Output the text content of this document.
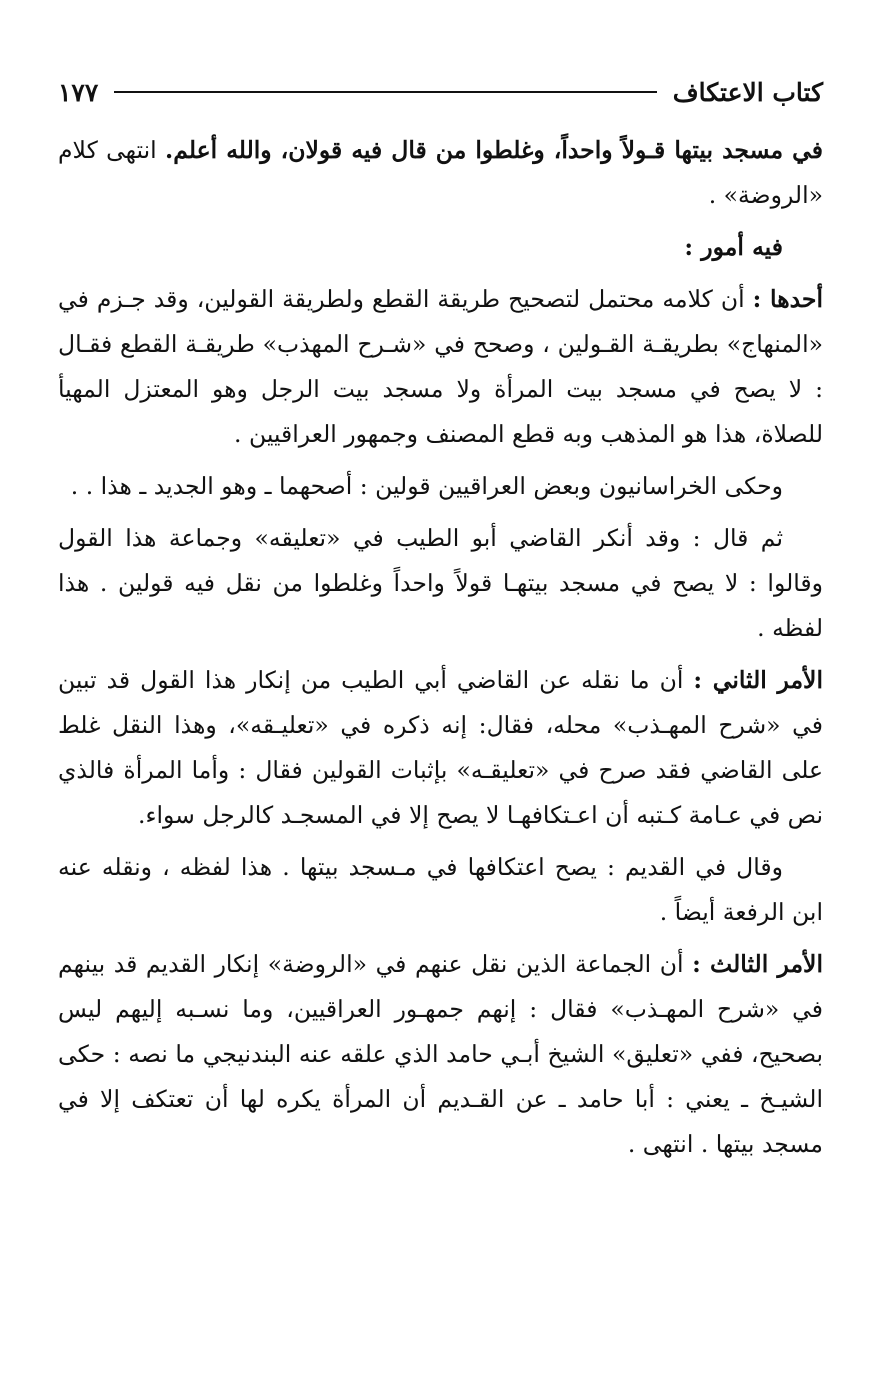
كتاب الاعتكاف
١٧٧

في مسجد بيتها قـولاً واحداً، وغلطوا من قال فيه قولان، والله أعلم. انتهى كلام «الروضة» .

فيه أمور :

أحدها : أن كلامه محتمل لتصحيح طريقة القطع ولطريقة القولين، وقد جـزم في «المنهاج» بطريقـة القـولين ، وصحح في «شـرح المهذب» طريقـة القطع فقـال : لا يصح في مسجد بيت المرأة ولا مسجد بيت الرجل وهو المعتزل المهيأ للصلاة، هذا هو المذهب وبه قطع المصنف وجمهور العراقيين .

وحكى الخراسانيون وبعض العراقيين قولين : أصحهما ـ وهو الجديد ـ هذا . .

ثم قال : وقد أنكر القاضي أبو الطيب في «تعليقه» وجماعة هذا القول وقالوا : لا يصح في مسجد بيتهـا قولاً واحداً وغلطوا من نقل فيه قولين . هذا لفظه .

الأمر الثاني : أن ما نقله عن القاضي أبي الطيب من إنكار هذا القول قد تبين في «شرح المهـذب» محله، فقال: إنه ذكره في «تعليـقه»، وهذا النقل غلط على القاضي فقد صرح في «تعليقـه» بإثبات القولين فقال : وأما المرأة فالذي نص في عـامة كـتبه أن اعـتكافهـا لا يصح إلا في المسجـد كالرجل سواء.

وقال في القديم : يصح اعتكافها في مـسجد بيتها . هذا لفظه ، ونقله عنه ابن الرفعة أيضاً .

الأمر الثالث : أن الجماعة الذين نقل عنهم في «الروضة» إنكار القديم قد بينهم في «شرح المهـذب» فقال : إنهم جمهـور العراقيين، وما نسـبه إليهم ليس بصحيح، ففي «تعليق» الشيخ أبـي حامد الذي علقه عنه البندنيجي ما نصه : حكى الشيـخ ـ يعني : أبا حامد ـ عن القـديم أن المرأة يكره لها أن تعتكف إلا في مسجد بيتها . انتهى .
